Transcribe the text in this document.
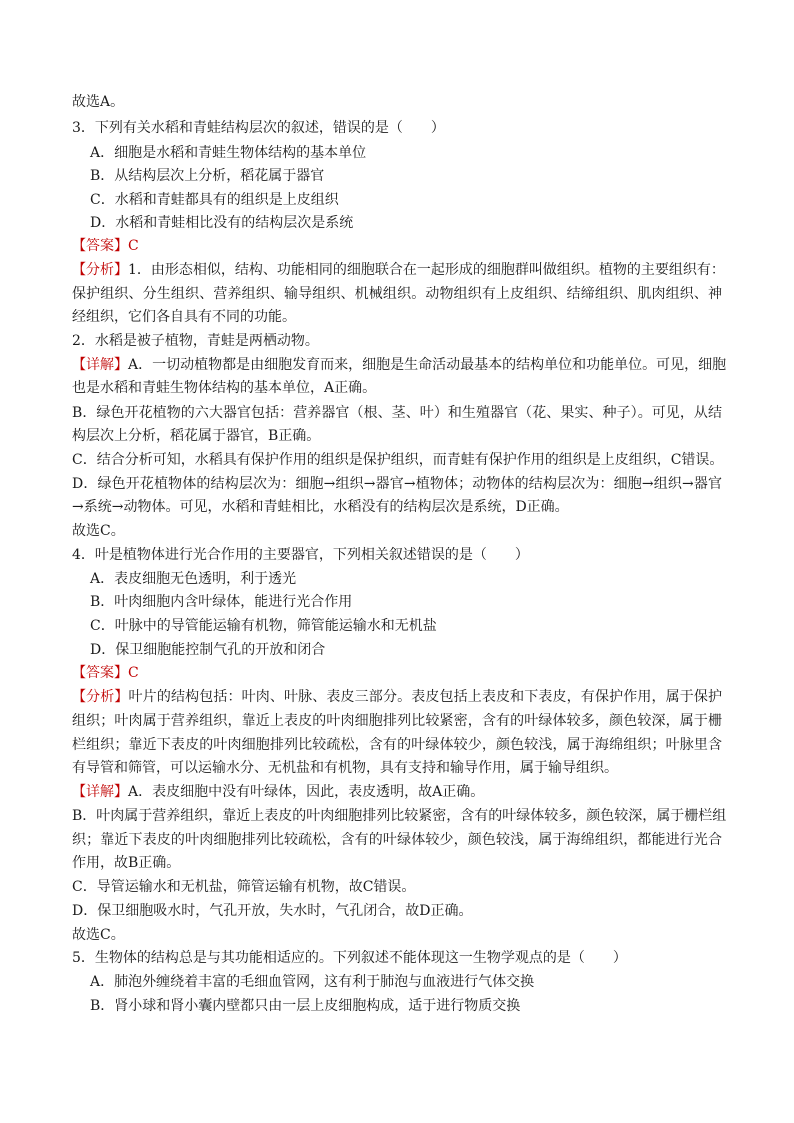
故选A。
3．下列有关水稻和青蛙结构层次的叙述，错误的是（　　）
A．细胞是水稻和青蛙生物体结构的基本单位
B．从结构层次上分析，稻花属于器官
C．水稻和青蛙都具有的组织是上皮组织
D．水稻和青蛙相比没有的结构层次是系统
【答案】C
【分析】1．由形态相似，结构、功能相同的细胞联合在一起形成的细胞群叫做组织。植物的主要组织有：
保护组织、分生组织、营养组织、输导组织、机械组织。动物组织有上皮组织、结缔组织、肌肉组织、神
经组织，它们各自具有不同的功能。
2．水稻是被子植物，青蛙是两栖动物。
【详解】A．一切动植物都是由细胞发育而来，细胞是生命活动最基本的结构单位和功能单位。可见，细胞
也是水稻和青蛙生物体结构的基本单位，A正确。
B．绿色开花植物的六大器官包括：营养器官（根、茎、叶）和生殖器官（花、果实、种子）。可见，从结
构层次上分析，稻花属于器官，B正确。
C．结合分析可知，水稻具有保护作用的组织是保护组织，而青蛙有保护作用的组织是上皮组织，C错误。
D．绿色开花植物体的结构层次为：细胞→组织→器官→植物体；动物体的结构层次为：细胞→组织→器官
→系统→动物体。可见，水稻和青蛙相比，水稻没有的结构层次是系统，D正确。
故选C。
4．叶是植物体进行光合作用的主要器官，下列相关叙述错误的是（　　）
A．表皮细胞无色透明，利于透光
B．叶肉细胞内含叶绿体，能进行光合作用
C．叶脉中的导管能运输有机物，筛管能运输水和无机盐
D．保卫细胞能控制气孔的开放和闭合
【答案】C
【分析】叶片的结构包括：叶肉、叶脉、表皮三部分。表皮包括上表皮和下表皮，有保护作用，属于保护
组织；叶肉属于营养组织，靠近上表皮的叶肉细胞排列比较紧密，含有的叶绿体较多，颜色较深，属于栅
栏组织；靠近下表皮的叶肉细胞排列比较疏松，含有的叶绿体较少，颜色较浅，属于海绵组织；叶脉里含
有导管和筛管，可以运输水分、无机盐和有机物，具有支持和输导作用，属于输导组织。
【详解】A．表皮细胞中没有叶绿体，因此，表皮透明，故A正确。
B．叶肉属于营养组织，靠近上表皮的叶肉细胞排列比较紧密，含有的叶绿体较多，颜色较深，属于栅栏组
织；靠近下表皮的叶肉细胞排列比较疏松，含有的叶绿体较少，颜色较浅，属于海绵组织，都能进行光合
作用，故B正确。
C．导管运输水和无机盐，筛管运输有机物，故C错误。
D．保卫细胞吸水时，气孔开放，失水时，气孔闭合，故D正确。
故选C。
5．生物体的结构总是与其功能相适应的。下列叙述不能体现这一生物学观点的是（　　）
A．肺泡外缠绕着丰富的毛细血管网，这有利于肺泡与血液进行气体交换
B．肾小球和肾小囊内壁都只由一层上皮细胞构成，适于进行物质交换
